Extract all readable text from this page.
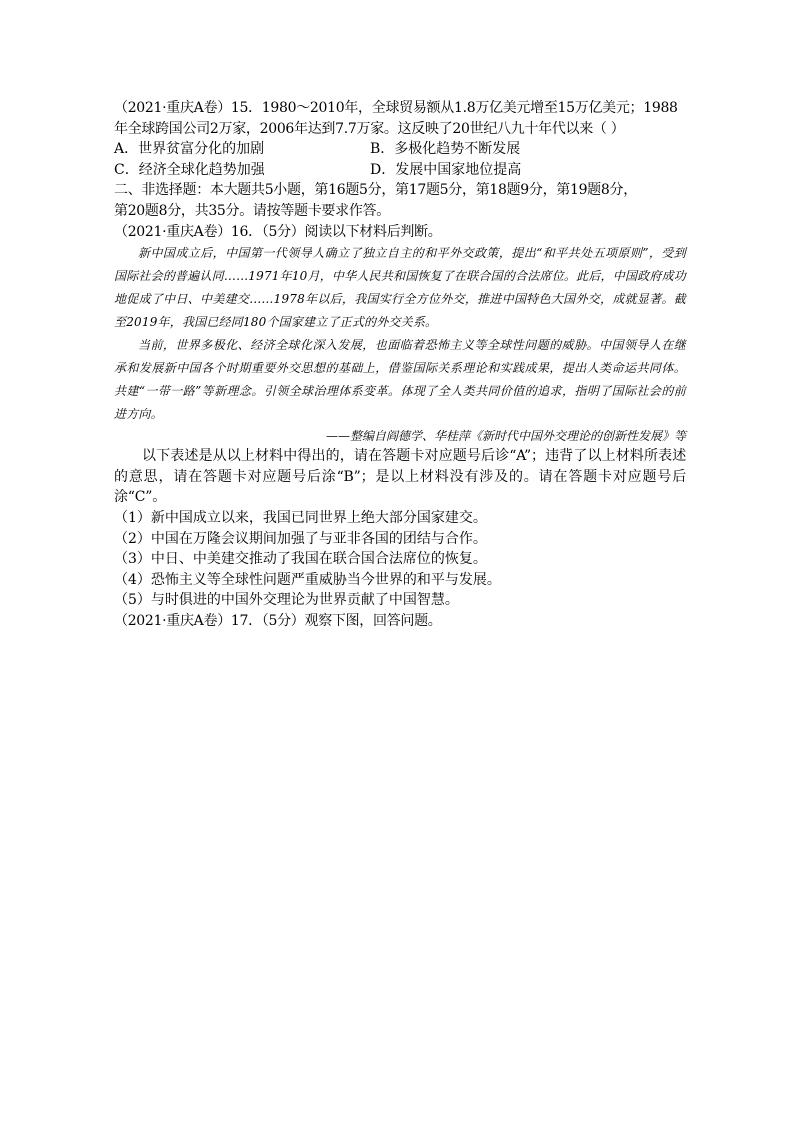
（2021·重庆A卷）15．1980～2010年，全球贸易额从1.8万亿美元增至15万亿美元；1988
年全球跨国公司2万家，2006年达到7.7万家。这反映了20世纪八九十年代以来（ ）
A．世界贫富分化的加剧	B．多极化趋势不断发展
C．经济全球化趋势加强	D．发展中国家地位提高
二、非选择题：本大题共5小题，第16题5分，第17题5分，第18题9分，第19题8分，
第20题8分，共35分。请按等题卡要求作答。
（2021·重庆A卷）16．（5分）阅读以下材料后判断。

新中国成立后，中国第一代领导人确立了独立自主的和平外交政策，提出“和平共处五项原则”，受到国际社会的普遍认同……1971年10月，中华人民共和国恢复了在联合国的合法席位。此后，中国政府成功地促成了中日、中美建交……1978年以后，我国实行全方位外交，推进中国特色大国外交，成就显著。截至2019年，我国已经同180个国家建立了正式的外交关系。

当前，世界多极化、经济全球化深入发展，也面临着恐怖主义等全球性问题的威胁。中国领导人在继承和发展新中国各个时期重要外交思想的基础上，借鉴国际关系理论和实践成果，提出人类命运共同体。共建“一带一路”等新理念。引领全球治理体系变革。体现了全人类共同价值的追求，指明了国际社会的前进方向。

——整编自阎德学、华桂萍《新时代中国外交理论的创新性发展》等

以下表述是从以上材料中得出的，请在答题卡对应题号后诊“A”；违背了以上材料所表述的意思，请在答题卡对应题号后涂“B”；是以上材料没有涉及的。请在答题卡对应题号后涂“C”。

（1）新中国成立以来，我国已同世界上绝大部分国家建交。
（2）中国在万隆会议期间加强了与亚非各国的团结与合作。
（3）中日、中美建交推动了我国在联合国合法席位的恢复。
（4）恐怖主义等全球性问题严重威胁当今世界的和平与发展。
（5）与时俱进的中国外交理论为世界贡献了中国智慧。
（2021·重庆A卷）17．（5分）观察下图，回答问题。
